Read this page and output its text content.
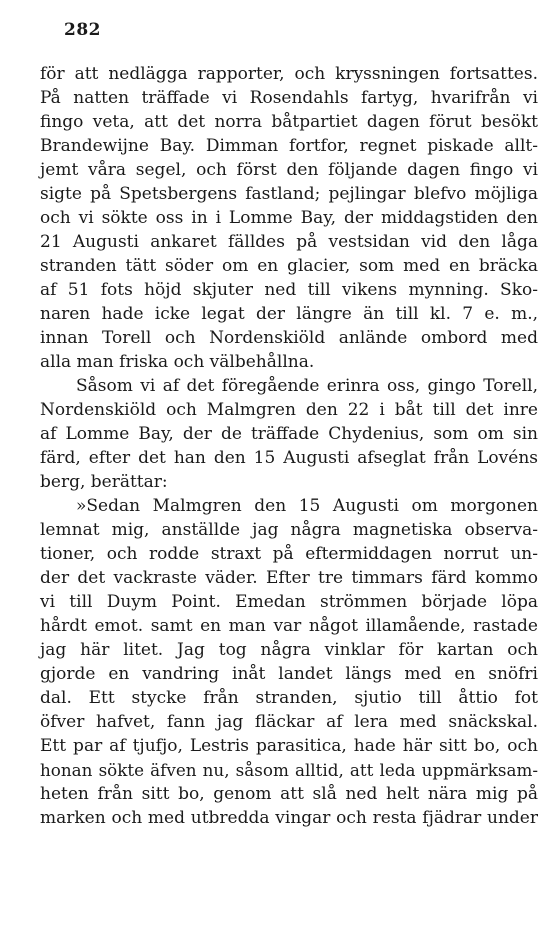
282
för att nedlägga rapporter, och kryssningen fortsattes.
På natten träffade vi Rosendahls fartyg, hvarifrån vi
fingo veta, att det norra båtpartiet dagen förut besökt
Brandewijne Bay. Dimman fortfor, regnet piskade allt-
jemt våra segel, och först den följande dagen fingo vi
sigte på Spetsbergens fastland; pejlingar blefvo möjliga
och vi sökte oss in i Lomme Bay, der middagstiden den
21 Augusti ankaret fälldes på vestsidan vid den låga
stranden tätt söder om en glacier, som med en bräcka
af 51 fots höjd skjuter ned till vikens mynning. Sko-
naren hade icke legat der längre än till kl. 7 e. m.,
innan Torell och Nordenskiöld anlände ombord med
alla man friska och välbehållna.
Såsom vi af det föregående erinra oss, gingo Torell,
Nordenskiöld och Malmgren den 22 i båt till det inre
af Lomme Bay, der de träffade Chydenius, som om sin
färd, efter det han den 15 Augusti afseglat från Lovéns
berg, berättar:
»Sedan Malmgren den 15 Augusti om morgonen
lemnat mig, anställde jag några magnetiska observa-
tioner, och rodde straxt på eftermiddagen norrut un-
der det vackraste väder. Efter tre timmars färd kommo
vi till Duym Point. Emedan strömmen började löpa
hårdt emot. samt en man var något illamående, rastade
jag här litet. Jag tog några vinklar för kartan och
gjorde en vandring inåt landet längs med en snöfri
dal. Ett stycke från stranden, sjutio till åttio fot
öfver hafvet, fann jag fläckar af lera med snäckskal.
Ett par af tjufjo, Lestris parasitica, hade här sitt bo, och
honan sökte äfven nu, såsom alltid, att leda uppmärksam-
heten från sitt bo, genom att slå ned helt nära mig på
marken och med utbredda vingar och resta fjädrar under
